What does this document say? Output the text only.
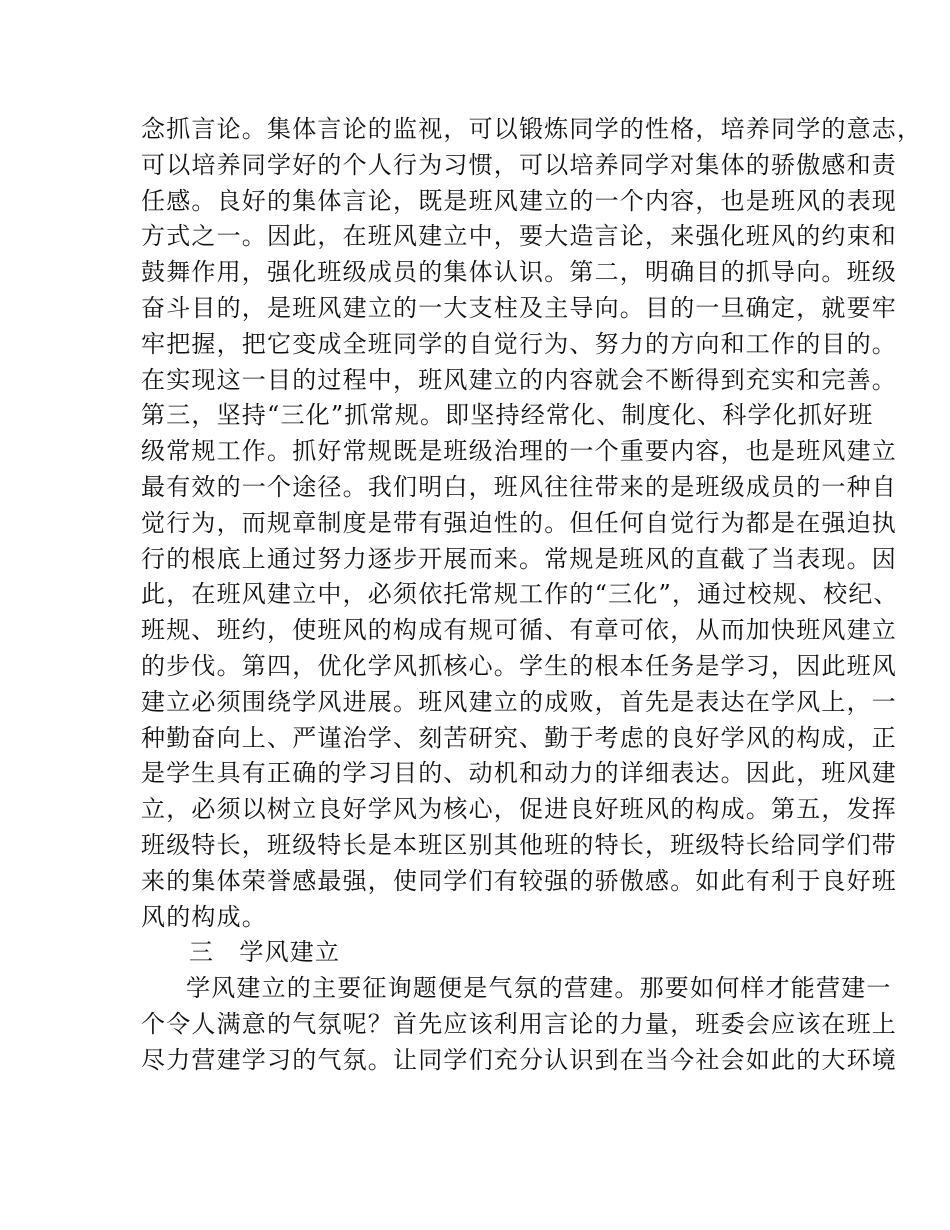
念抓言论。集体言论的监视，可以锻炼同学的性格，培养同学的意志，
可以培养同学好的个人行为习惯，可以培养同学对集体的骄傲感和责
任感。良好的集体言论，既是班风建立的一个内容，也是班风的表现
方式之一。因此，在班风建立中，要大造言论，来强化班风的约束和
鼓舞作用，强化班级成员的集体认识。第二，明确目的抓导向。班级
奋斗目的，是班风建立的一大支柱及主导向。目的一旦确定，就要牢
牢把握，把它变成全班同学的自觉行为、努力的方向和工作的目的。
在实现这一目的过程中，班风建立的内容就会不断得到充实和完善。
第三，坚持“三化”抓常规。即坚持经常化、制度化、科学化抓好班
级常规工作。抓好常规既是班级治理的一个重要内容，也是班风建立
最有效的一个途径。我们明白，班风往往带来的是班级成员的一种自
觉行为，而规章制度是带有强迫性的。但任何自觉行为都是在强迫执
行的根底上通过努力逐步开展而来。常规是班风的直截了当表现。因
此，在班风建立中，必须依托常规工作的“三化”，通过校规、校纪、
班规、班约，使班风的构成有规可循、有章可依，从而加快班风建立
的步伐。第四，优化学风抓核心。学生的根本任务是学习，因此班风
建立必须围绕学风进展。班风建立的成败，首先是表达在学风上，一
种勤奋向上、严谨治学、刻苦研究、勤于考虑的良好学风的构成，正
是学生具有正确的学习目的、动机和动力的详细表达。因此，班风建
立，必须以树立良好学风为核心，促进良好班风的构成。第五，发挥
班级特长，班级特长是本班区别其他班的特长，班级特长给同学们带
来的集体荣誉感最强，使同学们有较强的骄傲感。如此有利于良好班
风的构成。
三　学风建立
学风建立的主要征询题便是气氛的营建。那要如何样才能营建一
个令人满意的气氛呢？首先应该利用言论的力量，班委会应该在班上
尽力营建学习的气氛。让同学们充分认识到在当今社会如此的大环境
